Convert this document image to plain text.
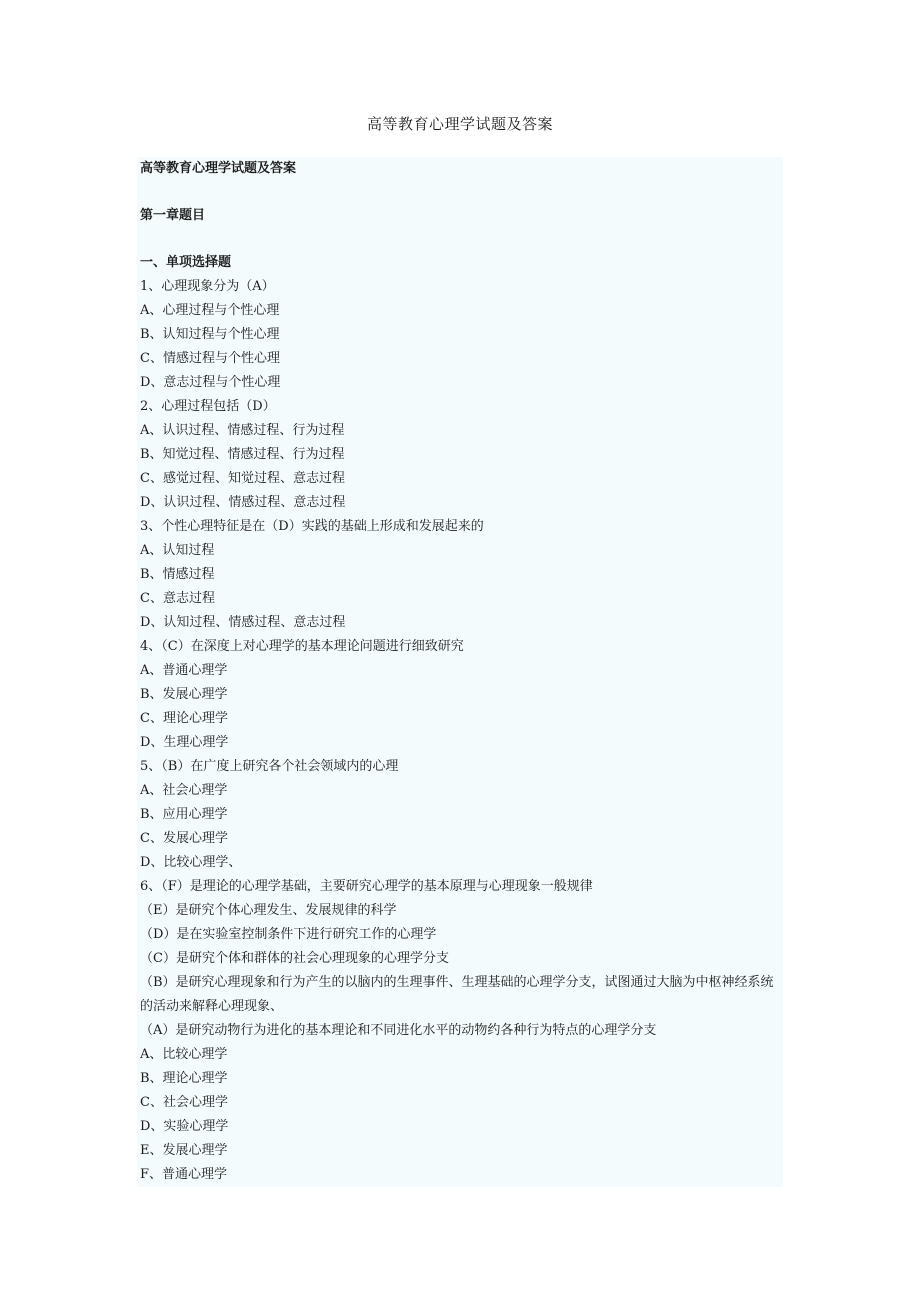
高等教育心理学试题及答案
高等教育心理学试题及答案
第一章题目
一、单项选择题
1、心理现象分为（A）
A、心理过程与个性心理
B、认知过程与个性心理
C、情感过程与个性心理
D、意志过程与个性心理
2、心理过程包括（D）
A、认识过程、情感过程、行为过程
B、知觉过程、情感过程、行为过程
C、感觉过程、知觉过程、意志过程
D、认识过程、情感过程、意志过程
3、个性心理特征是在（D）实践的基础上形成和发展起来的
A、认知过程
B、情感过程
C、意志过程
D、认知过程、情感过程、意志过程
4、（C）在深度上对心理学的基本理论问题进行细致研究
A、普通心理学
B、发展心理学
C、理论心理学
D、生理心理学
5、（B）在广度上研究各个社会领域内的心理
A、社会心理学
B、应用心理学
C、发展心理学
D、比较心理学、
6、（F）是理论的心理学基础，主要研究心理学的基本原理与心理现象一般规律
（E）是研究个体心理发生、发展规律的科学
（D）是在实验室控制条件下进行研究工作的心理学
（C）是研究个体和群体的社会心理现象的心理学分支
（B）是研究心理现象和行为产生的以脑内的生理事件、生理基础的心理学分支，试图通过大脑为中枢神经系统的活动来解释心理现象、
（A）是研究动物行为进化的基本理论和不同进化水平的动物约各种行为特点的心理学分支
A、比较心理学
B、理论心理学
C、社会心理学
D、实验心理学
E、发展心理学
F、普通心理学
